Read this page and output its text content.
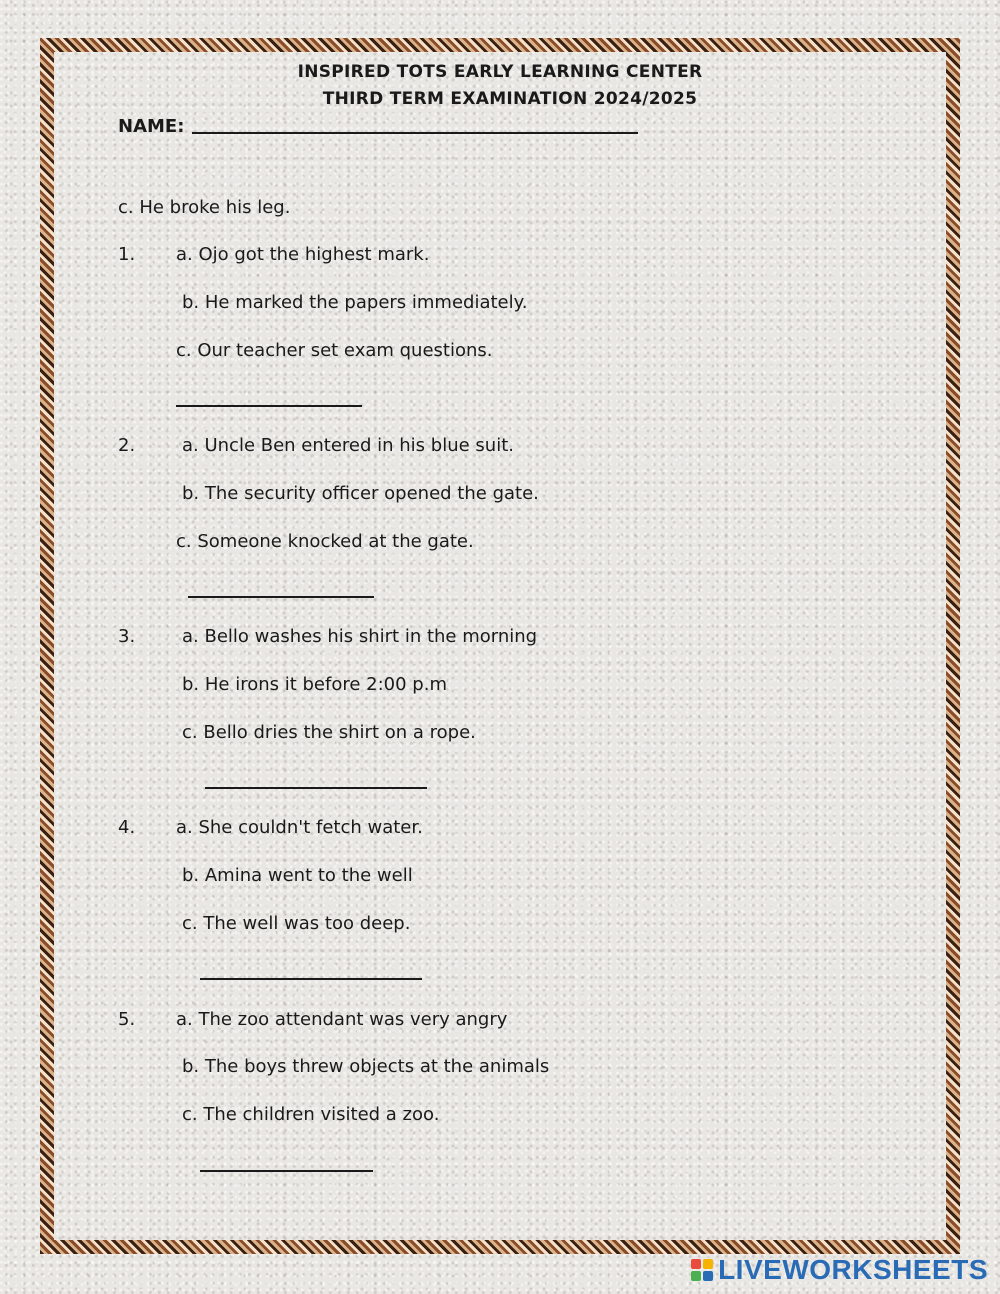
INSPIRED TOTS EARLY LEARNING CENTER
THIRD TERM EXAMINATION 2024/2025
NAME:
c. He broke his leg.
1. a. Ojo got the highest mark.
b. He marked the papers immediately.
c. Our teacher set exam questions.
2.	a. Uncle Ben entered in his blue suit.
b. The security officer opened the gate.
c. Someone knocked at the gate.
3.	a. Bello washes his shirt in the morning
b. He irons it before 2:00 p.m
c. Bello dries the shirt on a rope.
4. a. She couldn't fetch water.
b. Amina went to the well
c. The well was too deep.
5. a. The zoo attendant was very angry
b. The boys threw objects at the animals
c. The children visited a zoo.
LIVEWORKSHEETS
